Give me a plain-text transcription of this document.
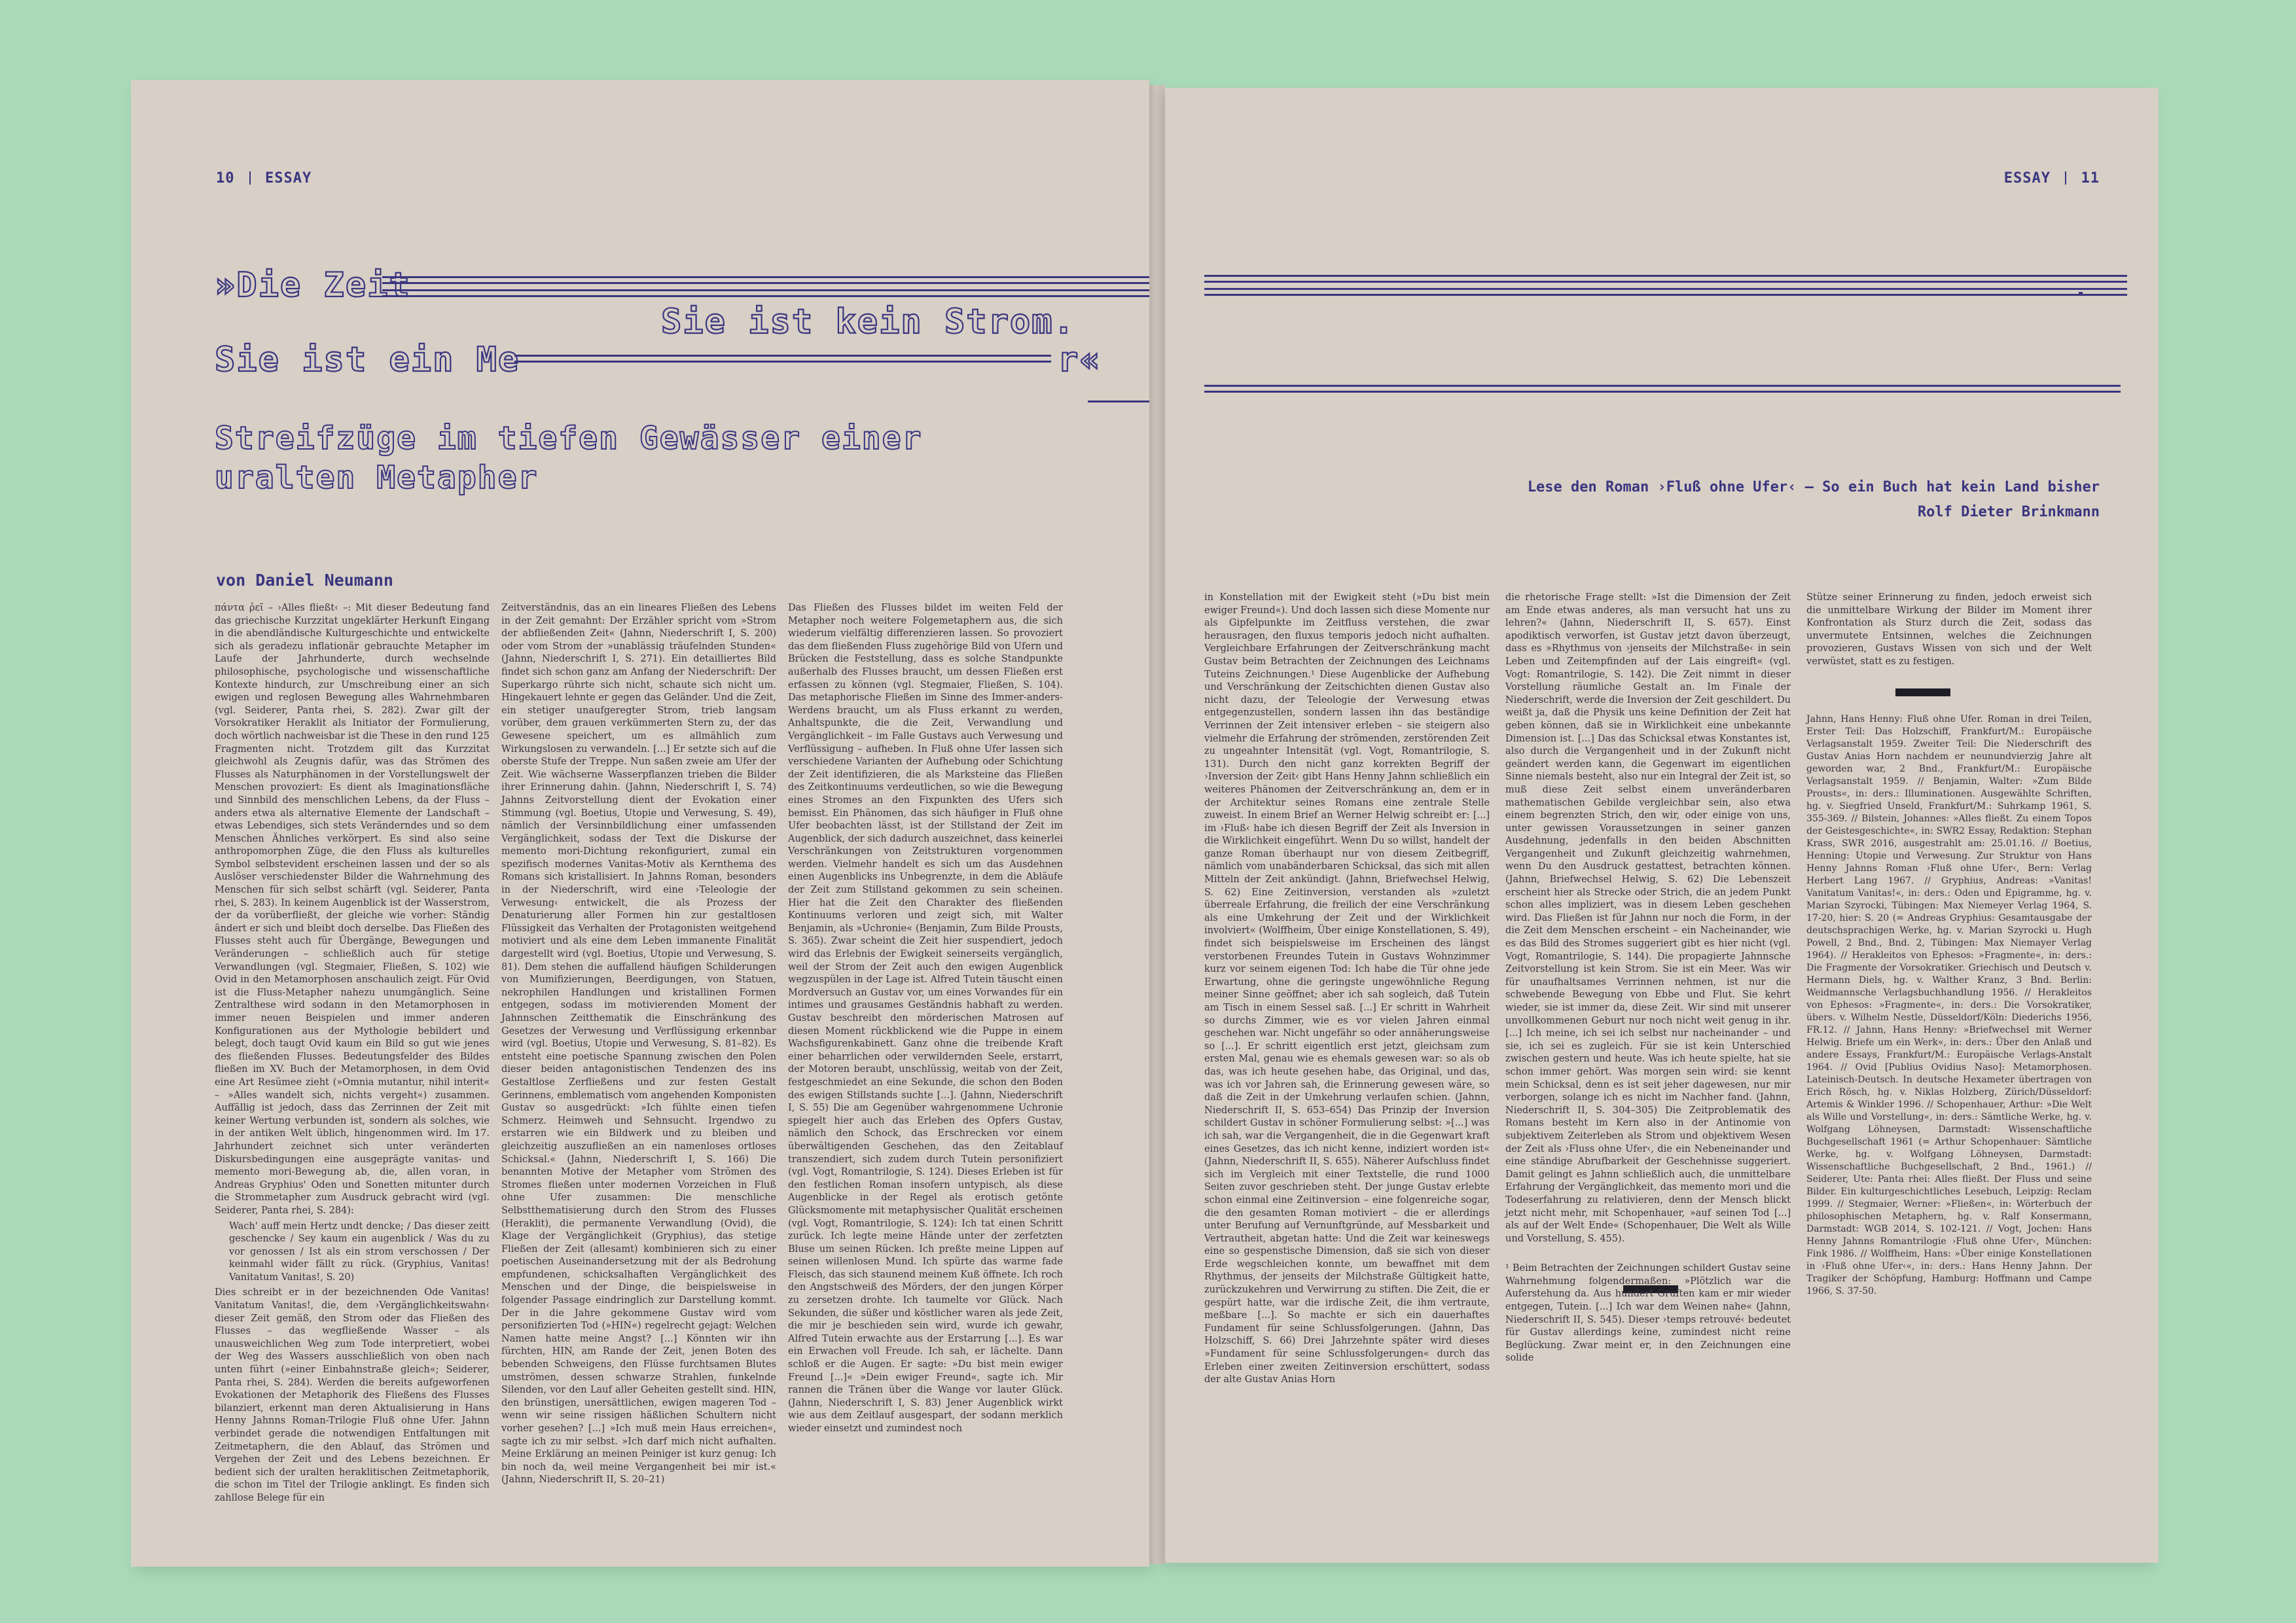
10 ESSAY
»Die Zeit
Sie ist kein Strom.
Sie ist ein Me	r«
Streifzüge im tiefen Gewässer einer
uralten Metapher
von Daniel Neumann

πάντα ῥεῖ – ›Alles fließt‹ –: Mit dieser Bedeutung fand das griechische Kurzzitat ungeklärter Herkunft Eingang in die abendländische Kulturgeschichte und entwickelte sich als geradezu inflationär gebrauchte Metapher im Laufe der Jahrhunderte, durch wechselnde philosophische, psychologische und wissenschaftliche Kontexte hindurch, zur Umschreibung einer an sich ewigen und reglosen Bewegung alles Wahrnehmbaren (vgl. Seiderer, Panta rhei, S. 282). Zwar gilt der Vorsokratiker Heraklit als Initiator der Formulierung, doch wörtlich nachweisbar ist die These in den rund 125 Fragmenten nicht. Trotzdem gilt das Kurzzitat gleichwohl als Zeugnis dafür, was das Strömen des Flusses als Naturphänomen in der Vorstellungswelt der Menschen provoziert: Es dient als Imaginationsfläche und Sinnbild des menschlichen Lebens, da der Fluss – anders etwa als alternative Elemente der Landschaft – etwas Lebendiges, sich stets Veränderndes und so dem Menschen Ähnliches verkörpert. Es sind also seine anthropomorphen Züge, die den Fluss als kulturelles Symbol selbstevident erscheinen lassen und der so als Auslöser verschiedenster Bilder die Wahrnehmung des Menschen für sich selbst schärft (vgl. Seiderer, Panta rhei, S. 283). In keinem Augenblick ist der Wasserstrom, der da vorüberfließt, der gleiche wie vorher: Ständig ändert er sich und bleibt doch derselbe. Das Fließen des Flusses steht auch für Übergänge, Bewegungen und Veränderungen – schließlich auch für stetige Verwandlungen (vgl. Stegmaier, Fließen, S. 102) wie Ovid in den Metamorphosen anschaulich zeigt. Für Ovid ist die Fluss-Metapher nahezu unumgänglich. Seine Zentralthese wird sodann in den Metamorphosen in immer neuen Beispielen und immer anderen Konfigurationen aus der Mythologie bebildert und belegt, doch taugt Ovid kaum ein Bild so gut wie jenes des fließenden Flusses. Bedeutungsfelder des Bildes fließen im XV. Buch der Metamorphosen, in dem Ovid eine Art Resümee zieht (»Omnia mutantur, nihil interit« – »Alles wandelt sich, nichts vergeht«) zusammen. Auffällig ist jedoch, dass das Zerrinnen der Zeit mit keiner Wertung verbunden ist, sondern als solches, wie in der antiken Welt üblich, hingenommen wird. Im 17. Jahrhundert zeichnet sich unter veränderten Diskursbedingungen eine ausgeprägte vanitas- und memento mori-Bewegung ab, die, allen voran, in Andreas Gryphius' Oden und Sonetten mitunter durch die Strommetapher zum Ausdruck gebracht wird (vgl. Seiderer, Panta rhei, S. 284):

Wach' auff mein Hertz undt dencke; / Das dieser zeitt geschencke / Sey kaum ein augenblick / Was du zu vor genossen / Ist als ein strom verschossen / Der keinmahl wider fällt zu rück. (Gryphius, Vanitas! Vanitatum Vanitas!, S. 20)

Dies schreibt er in der bezeichnenden Ode Vanitas! Vanitatum Vanitas!, die, dem ›Vergänglichkeitswahn‹ dieser Zeit gemäß, den Strom oder das Fließen des Flusses – das wegfließende Wasser – als unausweichlichen Weg zum Tode interpretiert, wobei der Weg des Wassers ausschließlich von oben nach unten führt (»einer Einbahnstraße gleich«; Seiderer, Panta rhei, S. 284). Werden die bereits aufgeworfenen Evokationen der Metaphorik des Fließens des Flusses bilanziert, erkennt man deren Aktualisierung in Hans Henny Jahnns Roman-Trilogie Fluß ohne Ufer. Jahnn verbindet gerade die notwendigen Entfaltungen mit Zeitmetaphern, die den Ablauf, das Strömen und Vergehen der Zeit und des Lebens bezeichnen. Er bedient sich der uralten heraklitischen Zeitmetaphorik, die schon im Titel der Trilogie anklingt. Es finden sich zahllose Belege für ein

Zeitverständnis, das an ein lineares Fließen des Lebens in der Zeit gemahnt: Der Erzähler spricht vom »Strom der abfließenden Zeit« (Jahnn, Niederschrift I, S. 200) oder vom Strom der »unablässig träufelnden Stunden« (Jahnn, Niederschrift I, S. 271). Ein detailliertes Bild findet sich schon ganz am Anfang der Niederschrift: Der Superkargo rührte sich nicht, schaute sich nicht um. Hingekauert lehnte er gegen das Geländer. Und die Zeit, ein stetiger unaufgeregter Strom, trieb langsam vorüber, dem grauen verkümmerten Stern zu, der das Gewesene speichert, um es allmählich zum Wirkungslosen zu verwandeln. [...] Er setzte sich auf die oberste Stufe der Treppe. Nun saßen zweie am Ufer der Zeit. Wie wächserne Wasserpflanzen trieben die Bilder ihrer Erinnerung dahin. (Jahnn, Niederschrift I, S. 74) Jahnns Zeitvorstellung dient der Evokation einer Stimmung (vgl. Boetius, Utopie und Verwesung, S. 49), nämlich der Versinnbildlichung einer umfassenden Vergänglichkeit, sodass der Text die Diskurse der memento mori-Dichtung rekonfiguriert, zumal ein spezifisch modernes Vanitas-Motiv als Kernthema des Romans sich kristallisiert. In Jahnns Roman, besonders in der Niederschrift, wird eine ›Teleologie der Verwesung‹ entwickelt, die als Prozess der Denaturierung aller Formen hin zur gestaltlosen Flüssigkeit das Verhalten der Protagonisten weitgehend motiviert und als eine dem Leben immanente Finalität dargestellt wird (vgl. Boetius, Utopie und Verwesung, S. 81). Dem stehen die auffallend häufigen Schilderungen von Mumifizierungen, Beerdigungen, von Statuen, nekrophilen Handlungen und kristallinen Formen entgegen, sodass im motivierenden Moment der Jahnnschen Zeitthematik die Einschränkung des Gesetzes der Verwesung und Verflüssigung erkennbar wird (vgl. Boetius, Utopie und Verwesung, S. 81–82). Es entsteht eine poetische Spannung zwischen den Polen dieser beiden antagonistischen Tendenzen des ins Gestaltlose Zerfließens und zur festen Gestalt Gerinnens, emblematisch vom angehenden Komponisten Gustav so ausgedrückt: »Ich fühlte einen tiefen Schmerz. Heimweh und Sehnsucht. Irgendwo zu erstarren wie ein Bildwerk und zu bleiben und gleichzeitig auszufließen an ein namenloses ortloses Schicksal.« (Jahnn, Niederschrift I, S. 166) Die benannten Motive der Metapher vom Strömen des Stromes fließen unter modernen Vorzeichen in Fluß ohne Ufer zusammen: Die menschliche Selbstthematisierung durch den Strom des Flusses (Heraklit), die permanente Verwandlung (Ovid), die Klage der Vergänglichkeit (Gryphius), das stetige Fließen der Zeit (allesamt) kombinieren sich zu einer poetischen Auseinandersetzung mit der als Bedrohung empfundenen, schicksalhaften Vergänglichkeit des Menschen und der Dinge, die beispielsweise in folgender Passage eindringlich zur Darstellung kommt. Der in die Jahre gekommene Gustav wird vom personifizierten Tod (»HIN«) regelrecht gejagt: Welchen Namen hatte meine Angst? [...] Könnten wir ihn fürchten, HIN, am Rande der Zeit, jenen Boten des bebenden Schweigens, den Flüsse furchtsamen Blutes umströmen, dessen schwarze Strahlen, funkelnde Silenden, vor den Lauf aller Geheiten gestellt sind. HIN, den brünstigen, unersättlichen, ewigen mageren Tod – wenn wir seine rissigen häßlichen Schultern nicht vorher gesehen? [...] »Ich muß mein Haus erreichen«, sagte ich zu mir selbst. »Ich darf mich nicht aufhalten. Meine Erklärung an meinen Peiniger ist kurz genug: Ich bin noch da, weil meine Vergangenheit bei mir ist.« (Jahnn, Niederschrift II, S. 20–21)

Das Fließen des Flusses bildet im weiten Feld der Metapher noch weitere Folgemetaphern aus, die sich wiederum vielfältig differenzieren lassen. So provoziert das dem fließenden Fluss zugehörige Bild von Ufern und Brücken die Feststellung, dass es solche Standpunkte außerhalb des Flusses braucht, um dessen Fließen erst erfassen zu können (vgl. Stegmaier, Fließen, S. 104). Das metaphorische Fließen im Sinne des Immer-anders-Werdens braucht, um als Fluss erkannt zu werden, Anhaltspunkte, die die Zeit, Verwandlung und Vergänglichkeit – im Falle Gustavs auch Verwesung und Verflüssigung – aufheben. In Fluß ohne Ufer lassen sich verschiedene Varianten der Aufhebung oder Schichtung der Zeit identifizieren, die als Marksteine das Fließen des Zeitkontinuums verdeutlichen, so wie die Bewegung eines Stromes an den Fixpunkten des Ufers sich bemisst. Ein Phänomen, das sich häufiger in Fluß ohne Ufer beobachten lässt, ist der Stillstand der Zeit im Augenblick, der sich dadurch auszeichnet, dass keinerlei Verschränkungen von Zeitstrukturen vorgenommen werden. Vielmehr handelt es sich um das Ausdehnen einen Augenblicks ins Unbegrenzte, in dem die Abläufe der Zeit zum Stillstand gekommen zu sein scheinen. Hier hat die Zeit den Charakter des fließenden Kontinuums verloren und zeigt sich, mit Walter Benjamin, als »Uchronie« (Benjamin, Zum Bilde Prousts, S. 365). Zwar scheint die Zeit hier suspendiert, jedoch wird das Erlebnis der Ewigkeit seinerseits vergänglich, weil der Strom der Zeit auch den ewigen Augenblick wegzuspülen in der Lage ist. Alfred Tutein täuscht einen Mordversuch an Gustav vor, um eines Vorwandes für ein intimes und grausames Geständnis habhaft zu werden. Gustav beschreibt den mörderischen Matrosen auf diesen Moment rückblickend wie die Puppe in einem Wachsfigurenkabinett. Ganz ohne die treibende Kraft einer beharrlichen oder verwildernden Seele, erstarrt, der Motoren beraubt, unschlüssig, weitab von der Zeit, festgeschmiedet an eine Sekunde, die schon den Boden des ewigen Stillstands suchte [...]. (Jahnn, Niederschrift I, S. 55) Die am Gegenüber wahrgenommene Uchronie spiegelt hier auch das Erleben des Opfers Gustav, nämlich den Schock, das Erschrecken vor einem überwältigenden Geschehen, das den Zeitablauf transzendiert, sich zudem durch Tutein personifiziert (vgl. Vogt, Romantrilogie, S. 124). Dieses Erleben ist für den festlichen Roman insofern untypisch, als diese Augenblicke in der Regel als erotisch getönte Glücksmomente mit metaphysischer Qualität erscheinen (vgl. Vogt, Romantrilogie, S. 124): Ich tat einen Schritt zurück. Ich legte meine Hände unter der zerfetzten Bluse um seinen Rücken. Ich preßte meine Lippen auf seinen willenlosen Mund. Ich spürte das warme fade Fleisch, das sich staunend meinem Kuß öffnete. Ich roch den Angstschweiß des Mörders, der den jungen Körper zu zersetzen drohte. Ich taumelte vor Glück. Nach Sekunden, die süßer und köstlicher waren als jede Zeit, die mir je beschieden sein wird, wurde ich gewahr, Alfred Tutein erwachte aus der Erstarrung [...]. Es war ein Erwachen voll Freude. Ich sah, er lächelte. Dann schloß er die Augen. Er sagte: »Du bist mein ewiger Freund [...]« »Dein ewiger Freund«, sagte ich. Mir rannen die Tränen über die Wange vor lauter Glück. (Jahnn, Niederschrift I, S. 83) Jener Augenblick wirkt wie aus dem Zeitlauf ausgespart, der sodann merklich wieder einsetzt und zumindest noch

ESSAY 11
Lese den Roman ›Fluß ohne Ufer‹ – So ein Buch hat kein Land bisher
Rolf Dieter Brinkmann

in Konstellation mit der Ewigkeit steht (»Du bist mein ewiger Freund«). Und doch lassen sich diese Momente nur als Gipfelpunkte im Zeitfluss verstehen, die zwar herausragen, den fluxus temporis jedoch nicht aufhalten. Vergleichbare Erfahrungen der Zeitverschränkung macht Gustav beim Betrachten der Zeichnungen des Leichnams Tuteins Zeichnungen.¹ Diese Augenblicke der Aufhebung und Verschränkung der Zeitschichten dienen Gustav also nicht dazu, der Teleologie der Verwesung etwas entgegenzustellen, sondern lassen ihn das beständige Verrinnen der Zeit intensiver erleben – sie steigern also vielmehr die Erfahrung der strömenden, zerstörenden Zeit zu ungeahnter Intensität (vgl. Vogt, Romantrilogie, S. 131). Durch den nicht ganz korrekten Begriff der ›Inversion der Zeit‹ gibt Hans Henny Jahnn schließlich ein weiteres Phänomen der Zeitverschränkung an, dem er in der Architektur seines Romans eine zentrale Stelle zuweist. In einem Brief an Werner Helwig schreibt er: [...] im ›Fluß‹ habe ich diesen Begriff der Zeit als Inversion in die Wirklichkeit eingeführt. Wenn Du so willst, handelt der ganze Roman überhaupt nur von diesem Zeitbegriff, nämlich vom unabänderbaren Schicksal, das sich mit allen Mitteln der Zeit ankündigt. (Jahnn, Briefwechsel Helwig, S. 62) Eine Zeitinversion, verstanden als »zuletzt überreale Erfahrung, die freilich der eine Verschränkung als eine Umkehrung der Zeit und der Wirklichkeit involviert« (Wolffheim, Über einige Konstellationen, S. 49), findet sich beispielsweise im Erscheinen des längst verstorbenen Freundes Tutein in Gustavs Wohnzimmer kurz vor seinem eigenen Tod: Ich habe die Tür ohne jede Erwartung, ohne die geringste ungewöhnliche Regung meiner Sinne geöffnet; aber ich sah sogleich, daß Tutein am Tisch in einem Sessel saß. [...] Er schritt in Wahrheit so durchs Zimmer, wie es vor vielen Jahren einmal geschehen war. Nicht ungefähr so oder annäherungsweise so [...]. Er schritt eigentlich erst jetzt, gleichsam zum ersten Mal, genau wie es ehemals gewesen war: so als ob das, was ich heute gesehen habe, das Original, und das, was ich vor Jahren sah, die Erinnerung gewesen wäre, so daß die Zeit in der Umkehrung verlaufen schien. (Jahnn, Niederschrift II, S. 653–654) Das Prinzip der Inversion schildert Gustav in schöner Formulierung selbst: »[...] was ich sah, war die Vergangenheit, die in die Gegenwart kraft eines Gesetzes, das ich nicht kenne, indiziert worden ist« (Jahnn, Niederschrift II, S. 655). Näherer Aufschluss findet sich im Vergleich mit einer Textstelle, die rund 1000 Seiten zuvor geschrieben steht. Der junge Gustav erlebte schon einmal eine Zeitinversion – eine folgenreiche sogar, die den gesamten Roman motiviert – die er allerdings unter Berufung auf Vernunftgründe, auf Messbarkeit und Vertrautheit, abgetan hatte: Und die Zeit war keineswegs eine so gespenstische Dimension, daß sie sich von dieser Erde wegschleichen konnte, um bewaffnet mit dem Rhythmus, der jenseits der Milchstraße Gültigkeit hatte, zurückzukehren und Verwirrung zu stiften. Die Zeit, die er gespürt hatte, war die irdische Zeit, die ihm vertraute, meßbare [...]. So machte er sich ein dauerhaftes Fundament für seine Schlussfolgerungen. (Jahnn, Das Holzschiff, S. 66) Drei Jahrzehnte später wird dieses »Fundament für seine Schlussfolgerungen« durch das Erleben einer zweiten Zeitinversion erschüttert, sodass der alte Gustav Anias Horn

die rhetorische Frage stellt: »Ist die Dimension der Zeit am Ende etwas anderes, als man versucht hat uns zu lehren?« (Jahnn, Niederschrift II, S. 657). Einst apodiktisch verworfen, ist Gustav jetzt davon überzeugt, dass es »Rhythmus von ›jenseits der Milchstraße‹ in sein Leben und Zeitempfinden auf der Lais eingreift« (vgl. Vogt: Romantrilogie, S. 142). Die Zeit nimmt in dieser Vorstellung räumliche Gestalt an. Im Finale der Niederschrift, werde die Inversion der Zeit geschildert. Du weißt ja, daß die Physik uns keine Definition der Zeit hat geben können, daß sie in Wirklichkeit eine unbekannte Dimension ist. [...] Das das Schicksal etwas Konstantes ist, also durch die Vergangenheit und in der Zukunft nicht geändert werden kann, die Gegenwart im eigentlichen Sinne niemals besteht, also nur ein Integral der Zeit ist, so muß diese Zeit selbst einem unveränderbaren mathematischen Gebilde vergleichbar sein, also etwa einem begrenzten Strich, den wir, oder einige von uns, unter gewissen Voraussetzungen in seiner ganzen Ausdehnung, jedenfalls in den beiden Abschnitten Vergangenheit und Zukunft gleichzeitig wahrnehmen, wenn Du den Ausdruck gestattest, betrachten können. (Jahnn, Briefwechsel Helwig, S. 62) Die Lebenszeit erscheint hier als Strecke oder Strich, die an jedem Punkt schon alles impliziert, was in diesem Leben geschehen wird. Das Fließen ist für Jahnn nur noch die Form, in der die Zeit dem Menschen erscheint – ein Nacheinander, wie es das Bild des Stromes suggeriert gibt es hier nicht (vgl. Vogt, Romantrilogie, S. 144). Die propagierte Jahnnsche Zeitvorstellung ist kein Strom. Sie ist ein Meer. Was wir für unaufhaltsames Verrinnen nehmen, ist nur die schwebende Bewegung von Ebbe und Flut. Sie kehrt wieder, sie ist immer da, diese Zeit. Wir sind mit unserer unvollkommenen Geburt nur noch nicht weit genug in ihr. [...] Ich meine, ich sei ich selbst nur nacheinander – und sie, ich sei es zugleich. Für sie ist kein Unterschied zwischen gestern und heute. Was ich heute spielte, hat sie schon immer gehört. Was morgen sein wird: sie kennt mein Schicksal, denn es ist seit jeher dagewesen, nur mir verborgen, solange ich es nicht im Nachher fand. (Jahnn, Niederschrift II, S. 304–305) Die Zeitproblematik des Romans besteht im Kern also in der Antinomie von subjektivem Zeiterleben als Strom und objektivem Wesen der Zeit als ›Fluss ohne Ufer‹, die ein Nebeneinander und eine ständige Abrufbarkeit der Geschehnisse suggeriert. Damit gelingt es Jahnn schließlich auch, die unmittelbare Erfahrung der Vergänglichkeit, das memento mori und die Todeserfahrung zu relativieren, denn der Mensch blickt jetzt nicht mehr, mit Schopenhauer, »auf seinen Tod [...] als auf der Welt Ende« (Schopenhauer, Die Welt als Wille und Vorstellung, S. 455).

¹ Beim Betrachten der Zeichnungen schildert Gustav seine Wahrnehmung folgendermaßen: »Plötzlich war die Auferstehung da. Aus hundert Grüften kam er mir wieder entgegen, Tutein. [...] Ich war dem Weinen nahe« (Jahnn, Niederschrift II, S. 545). Dieser ›temps retrouvé‹ bedeutet für Gustav allerdings keine, zumindest nicht reine Beglückung. Zwar meint er, in den Zeichnungen eine solide

Stütze seiner Erinnerung zu finden, jedoch erweist sich die unmittelbare Wirkung der Bilder im Moment ihrer Konfrontation als Sturz durch die Zeit, sodass das unvermutete Entsinnen, welches die Zeichnungen provozieren, Gustavs Wissen von sich und der Welt verwüstet, statt es zu festigen.

Jahnn, Hans Henny: Fluß ohne Ufer. Roman in drei Teilen, Erster Teil: Das Holzschiff, Frankfurt/M.: Europäische Verlagsanstalt 1959. Zweiter Teil: Die Niederschrift des Gustav Anias Horn nachdem er neunundvierzig Jahre alt geworden war, 2 Bnd., Frankfurt/M.: Europäische Verlagsanstalt 1959. // Benjamin, Walter: »Zum Bilde Prousts«, in: ders.: Illuminationen. Ausgewählte Schriften, hg. v. Siegfried Unseld, Frankfurt/M.: Suhrkamp 1961, S. 355-369. // Bilstein, Johannes: »Alles fließt. Zu einem Topos der Geistesgeschichte«, in: SWR2 Essay, Redaktion: Stephan Krass, SWR 2016, ausgestrahlt am: 25.01.16. // Boetius, Henning: Utopie und Verwesung. Zur Struktur von Hans Henny Jahnns Roman ›Fluß ohne Ufer‹, Bern: Verlag Herbert Lang 1967. // Gryphius, Andreas: »Vanitas! Vanitatum Vanitas!«, in: ders.: Oden und Epigramme, hg. v. Marian Szyrocki, Tübingen: Max Niemeyer Verlag 1964, S. 17-20, hier: S. 20 (= Andreas Gryphius: Gesamtausgabe der deutschsprachigen Werke, hg. v. Marian Szyrocki u. Hugh Powell, 2 Bnd., Bnd. 2, Tübingen: Max Niemayer Verlag 1964). // Herakleitos von Ephesos: »Fragmente«, in: ders.: Die Fragmente der Vorsokratiker. Griechisch und Deutsch v. Hermann Diels, hg. v. Walther Kranz, 3 Bnd. Berlin: Weidmannsche Verlagsbuchhandlung 1956. // Herakleitos von Ephesos: »Fragmente«, in: ders.: Die Vorsokratiker, übers. v. Wilhelm Nestle, Düsseldorf/Köln: Diederichs 1956, FR.12. // Jahnn, Hans Henny: »Briefwechsel mit Werner Helwig. Briefe um ein Werk«, in: ders.: Über den Anlaß und andere Essays, Frankfurt/M.: Europäische Verlags-Anstalt 1964. // Ovid [Publius Ovidius Naso]: Metamorphosen. Lateinisch-Deutsch. In deutsche Hexameter übertragen von Erich Rösch, hg. v. Niklas Holzberg, Zürich/Düsseldorf: Artemis & Winkler 1996. // Schopenhauer, Arthur: »Die Welt als Wille und Vorstellung«, in: ders.: Sämtliche Werke, hg. v. Wolfgang Löhneysen, Darmstadt: Wissenschaftliche Buchgesellschaft 1961 (= Arthur Schopenhauer: Sämtliche Werke, hg. v. Wolfgang Löhneysen, Darmstadt: Wissenschaftliche Buchgesellschaft, 2 Bnd., 1961.) // Seiderer, Ute: Panta rhei: Alles fließt. Der Fluss und seine Bilder. Ein kulturgeschichtliches Lesebuch, Leipzig: Reclam 1999. // Stegmaier, Werner: »Fließen«, in: Wörterbuch der philosophischen Metaphern, hg. v. Ralf Konsermann, Darmstadt: WGB 2014, S. 102-121. // Vogt, Jochen: Hans Henny Jahnns Romantrilogie ›Fluß ohne Ufer‹, München: Fink 1986. // Wolffheim, Hans: »Über einige Konstellationen in ›Fluß ohne Ufer‹«, in: ders.: Hans Henny Jahnn. Der Tragiker der Schöpfung, Hamburg: Hoffmann und Campe 1966, S. 37-50.
